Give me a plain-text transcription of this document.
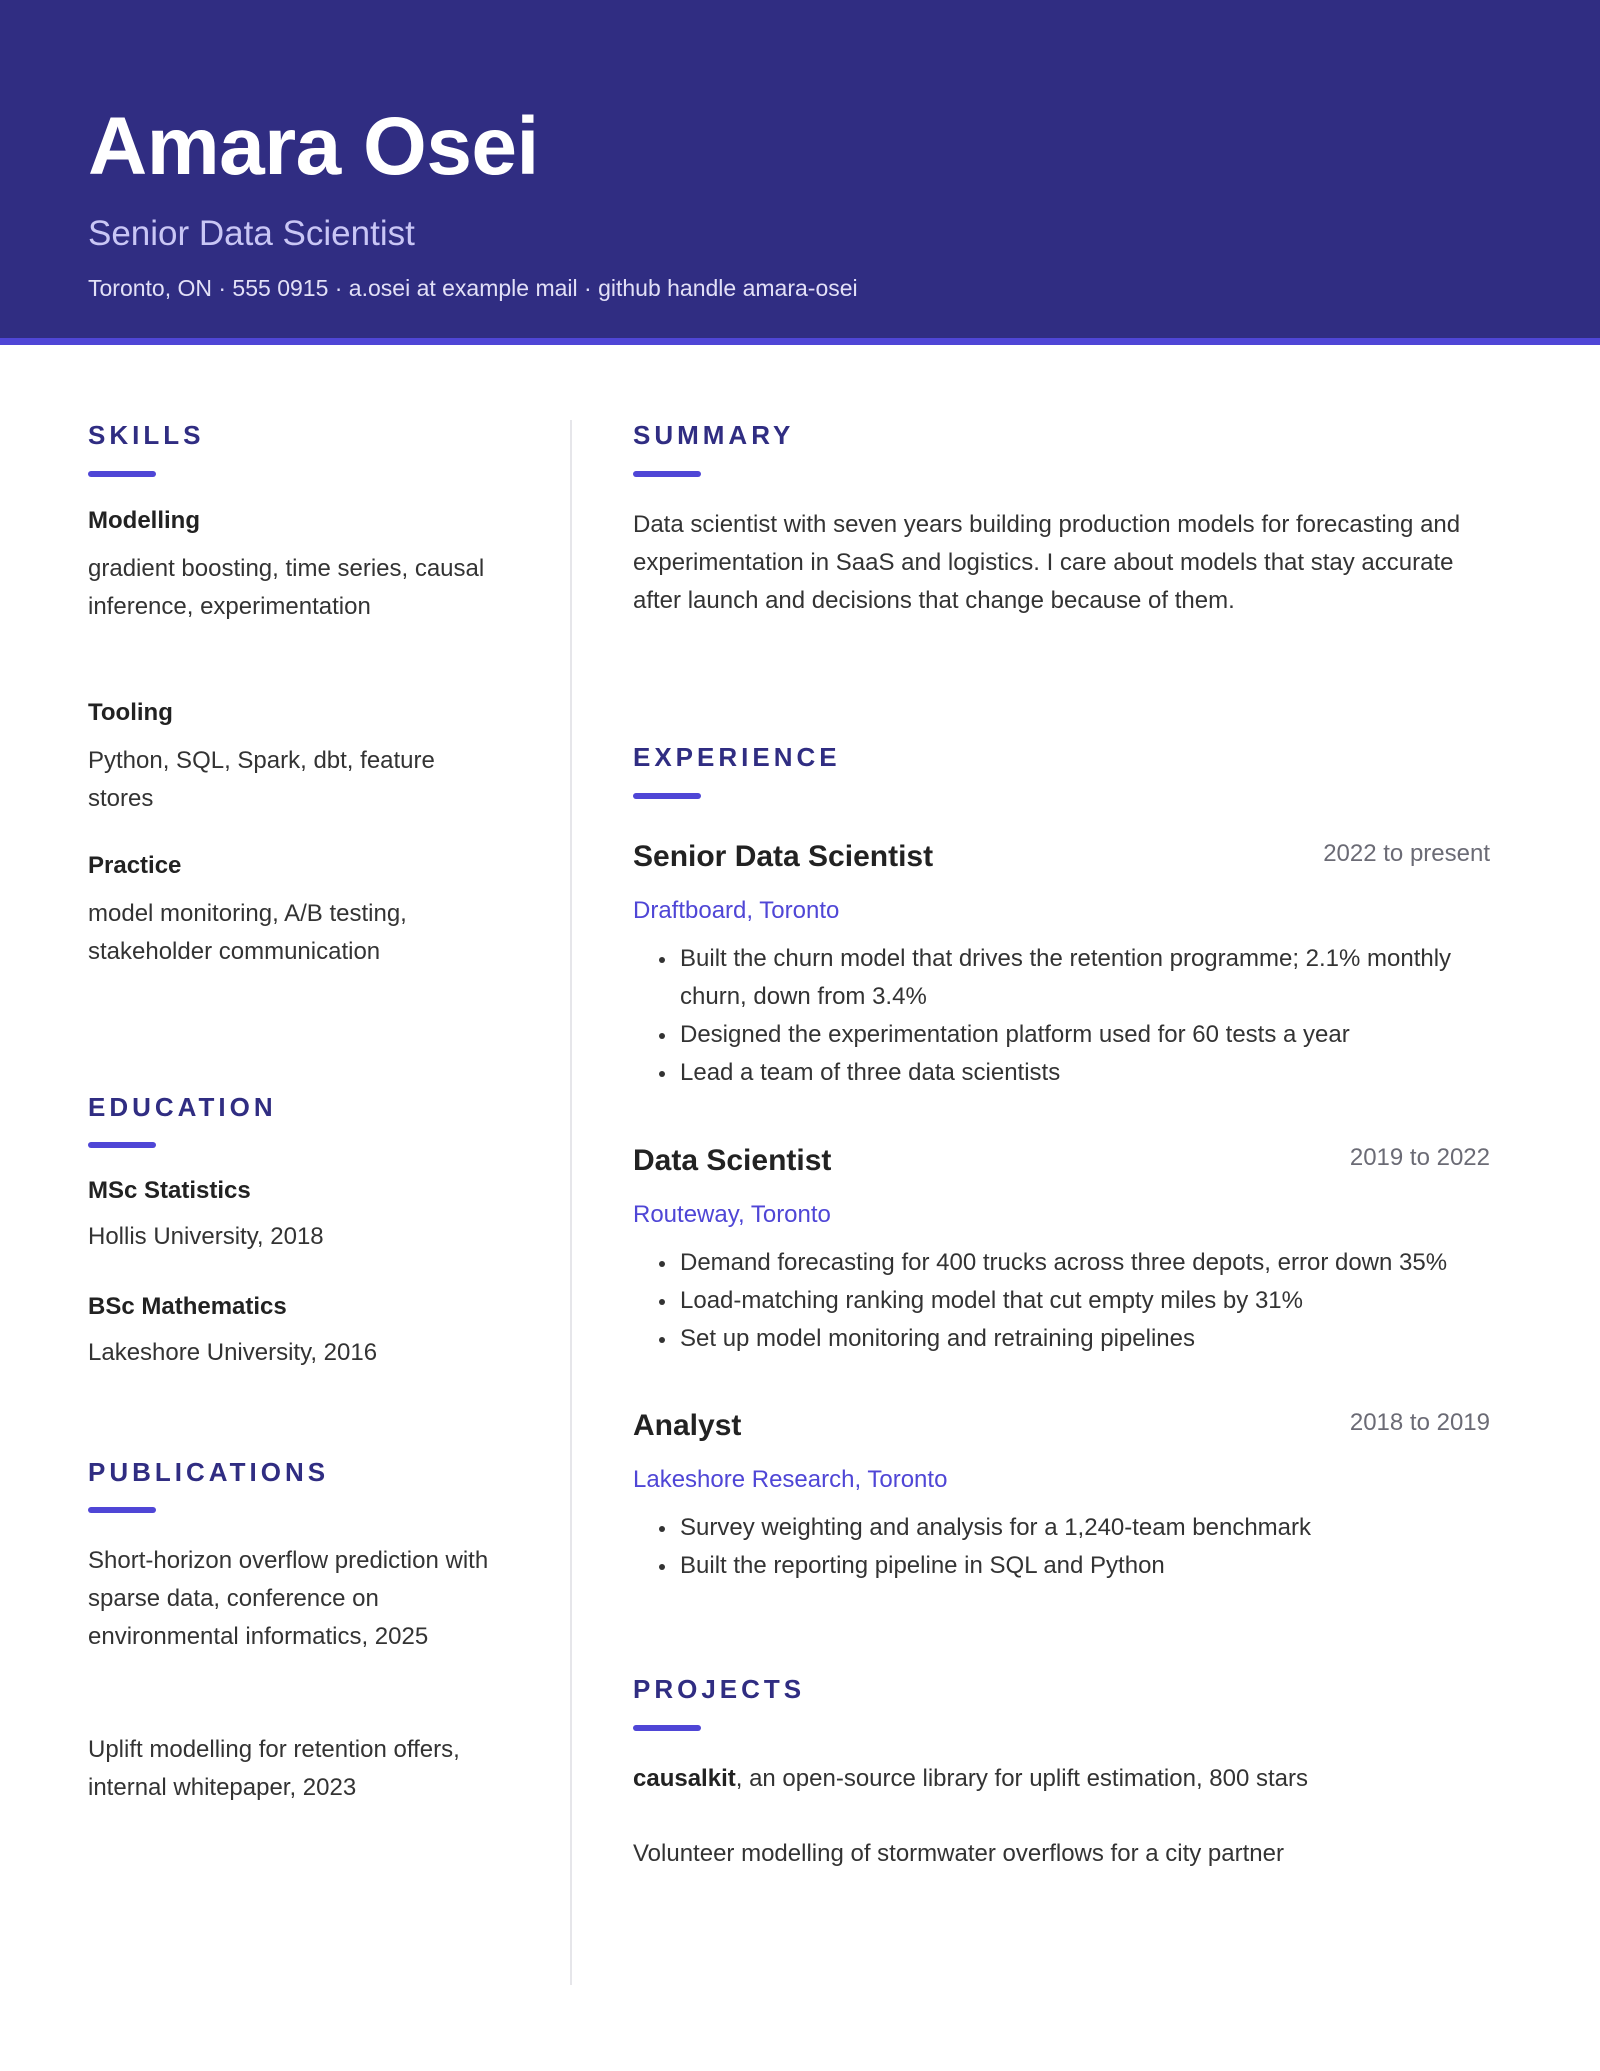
Amara Osei
Senior Data Scientist
Toronto, ON · 555 0915 · a.osei at example mail · github handle amara-osei
SKILLS
Modelling
gradient boosting, time series, causal inference, experimentation
Tooling
Python, SQL, Spark, dbt, feature stores
Practice
model monitoring, A/B testing, stakeholder communication
EDUCATION
MSc Statistics
Hollis University, 2018
BSc Mathematics
Lakeshore University, 2016
PUBLICATIONS
Short-horizon overflow prediction with sparse data, conference on environmental informatics, 2025
Uplift modelling for retention offers, internal whitepaper, 2023
SUMMARY
Data scientist with seven years building production models for forecasting and experimentation in SaaS and logistics. I care about models that stay accurate after launch and decisions that change because of them.
EXPERIENCE
Senior Data Scientist	2022 to present
Draftboard, Toronto
Built the churn model that drives the retention programme; 2.1% monthly churn, down from 3.4%
Designed the experimentation platform used for 60 tests a year
Lead a team of three data scientists
Data Scientist	2019 to 2022
Routeway, Toronto
Demand forecasting for 400 trucks across three depots, error down 35%
Load-matching ranking model that cut empty miles by 31%
Set up model monitoring and retraining pipelines
Analyst	2018 to 2019
Lakeshore Research, Toronto
Survey weighting and analysis for a 1,240-team benchmark
Built the reporting pipeline in SQL and Python
PROJECTS
causalkit, an open-source library for uplift estimation, 800 stars
Volunteer modelling of stormwater overflows for a city partner
